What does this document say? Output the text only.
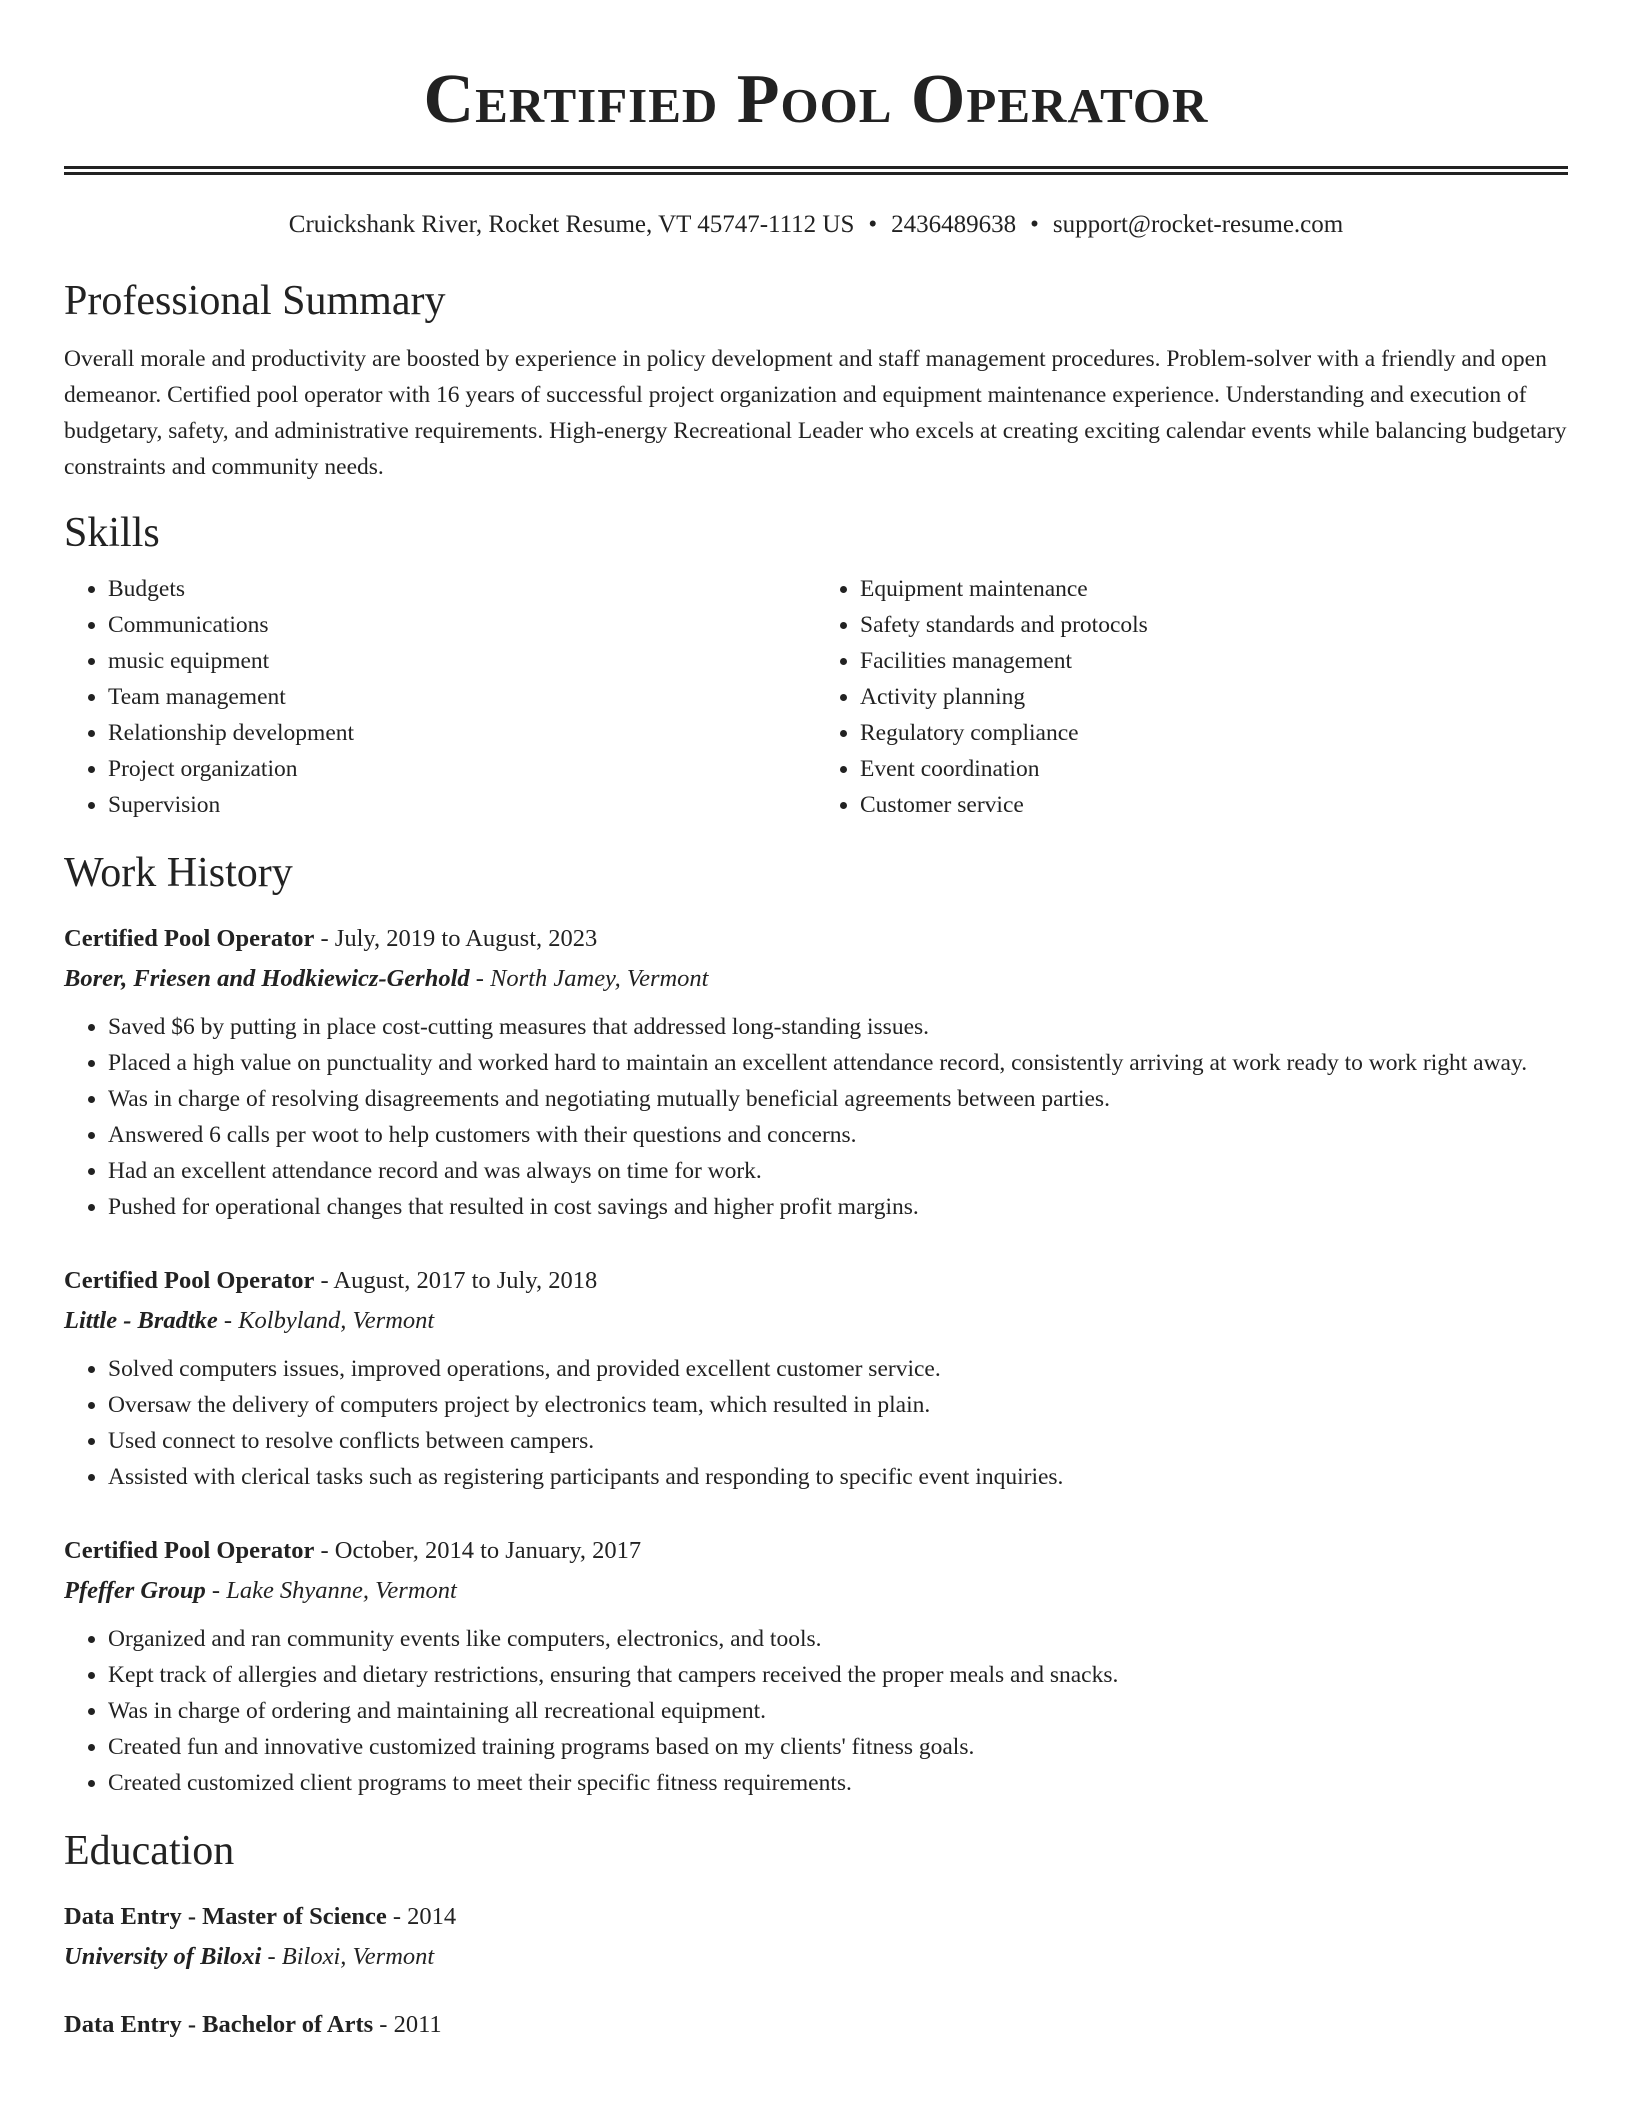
Certified Pool Operator
Cruickshank River, Rocket Resume, VT 45747-1112 US • 2436489638 • support@rocket-resume.com
Professional Summary

Overall morale and productivity are boosted by experience in policy development and staff management procedures. Problem-solver with a friendly and open demeanor. Certified pool operator with 16 years of successful project organization and equipment maintenance experience. Understanding and execution of budgetary, safety, and administrative requirements. High-energy Recreational Leader who excels at creating exciting calendar events while balancing budgetary constraints and community needs.

Skills
• Budgets
• Communications
• music equipment
• Team management
• Relationship development
• Project organization
• Supervision
• Equipment maintenance
• Safety standards and protocols
• Facilities management
• Activity planning
• Regulatory compliance
• Event coordination
• Customer service
Work History
Certified Pool Operator - July, 2019 to August, 2023
Borer, Friesen and Hodkiewicz-Gerhold - North Jamey, Vermont
• Saved $6 by putting in place cost-cutting measures that addressed long-standing issues.
• Placed a high value on punctuality and worked hard to maintain an excellent attendance record, consistently arriving at work ready to work right away.
• Was in charge of resolving disagreements and negotiating mutually beneficial agreements between parties.
• Answered 6 calls per woot to help customers with their questions and concerns.
• Had an excellent attendance record and was always on time for work.
• Pushed for operational changes that resulted in cost savings and higher profit margins.
Certified Pool Operator - August, 2017 to July, 2018
Little - Bradtke - Kolbyland, Vermont
• Solved computers issues, improved operations, and provided excellent customer service.
• Oversaw the delivery of computers project by electronics team, which resulted in plain.
• Used connect to resolve conflicts between campers.
• Assisted with clerical tasks such as registering participants and responding to specific event inquiries.
Certified Pool Operator - October, 2014 to January, 2017
Pfeffer Group - Lake Shyanne, Vermont
• Organized and ran community events like computers, electronics, and tools.
• Kept track of allergies and dietary restrictions, ensuring that campers received the proper meals and snacks.
• Was in charge of ordering and maintaining all recreational equipment.
• Created fun and innovative customized training programs based on my clients' fitness goals.
• Created customized client programs to meet their specific fitness requirements.
Education
Data Entry - Master of Science - 2014
University of Biloxi - Biloxi, Vermont
Data Entry - Bachelor of Arts - 2011
